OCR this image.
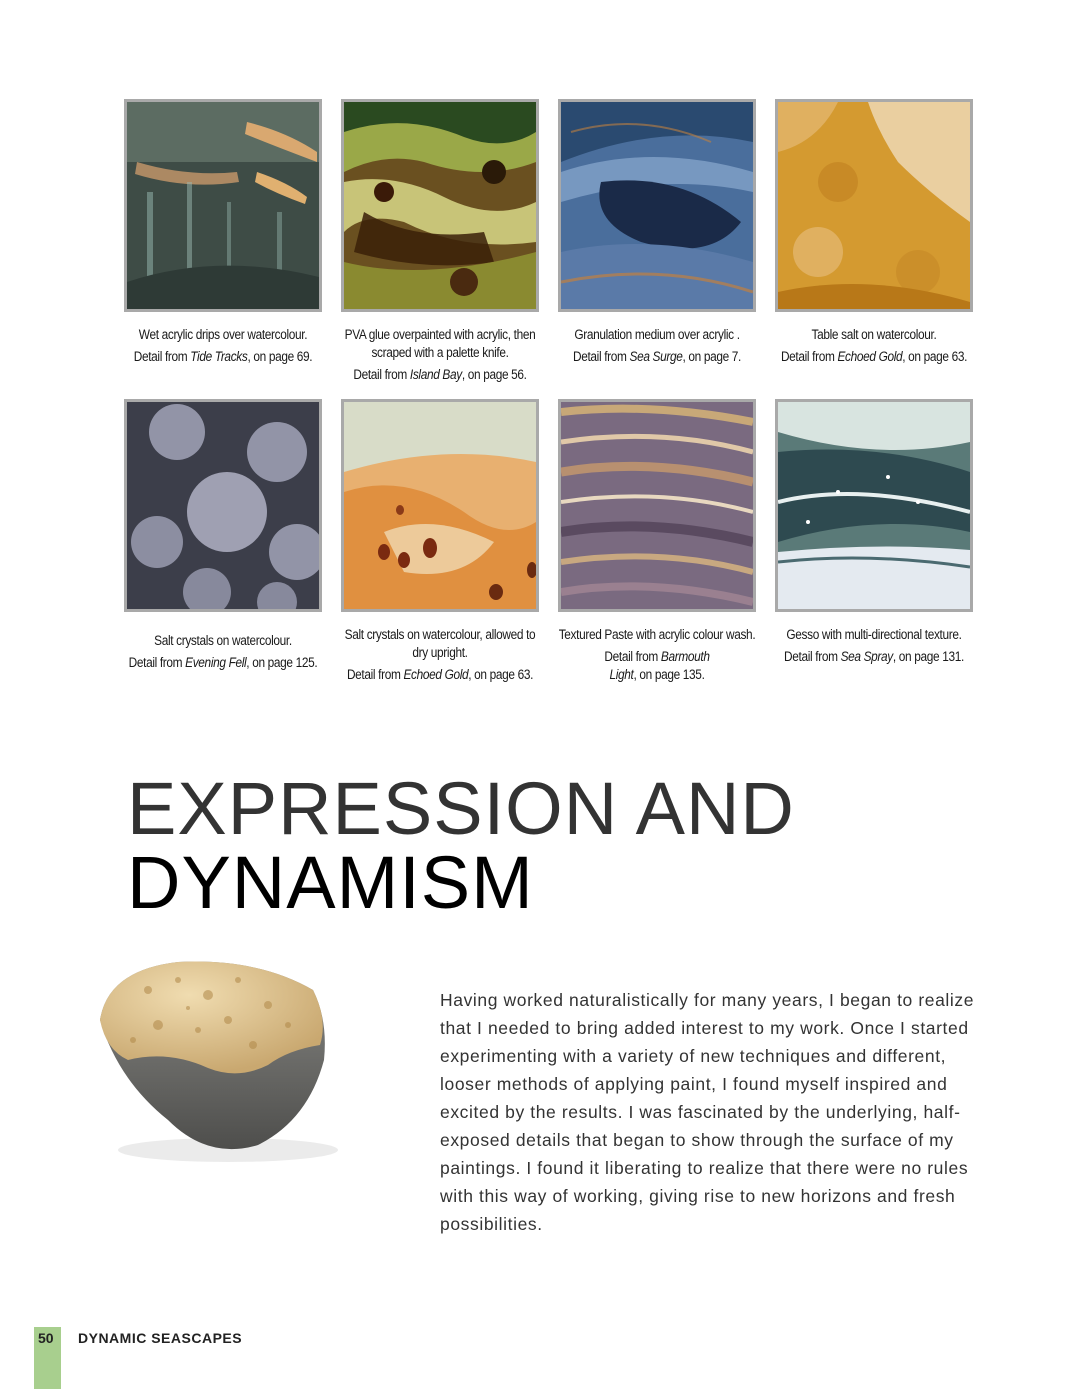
Wet acrylic drips over watercolour.
Detail from Tide Tracks, on page 69.
PVA glue overpainted with acrylic, then scraped with a palette knife.
Detail from Island Bay, on page 56.
Granulation medium over acrylic .
Detail from Sea Surge, on page 7.
Table salt on watercolour.
Detail from Echoed Gold, on page 63.
Salt crystals on watercolour.
Detail from Evening Fell, on page 125.
Salt crystals on watercolour, allowed to dry upright.
Detail from Echoed Gold, on page 63.
Textured Paste with acrylic colour wash.
Detail from Barmouth Light, on page 135.
Gesso with multi-directional texture.
Detail from Sea Spray, on page 131.
EXPRESSION AND
DYNAMISM

Having worked naturalistically for many years, I began to realize that I needed to bring added interest to my work. Once I started experimenting with a variety of new techniques and different, looser methods of applying paint, I found myself inspired and excited by the results. I was fascinated by the underlying, half-exposed details that began to show through the surface of my paintings. I found it liberating to realize that there were no rules with this way of working, giving rise to new horizons and fresh possibilities.

50 DYNAMIC SEASCAPES
